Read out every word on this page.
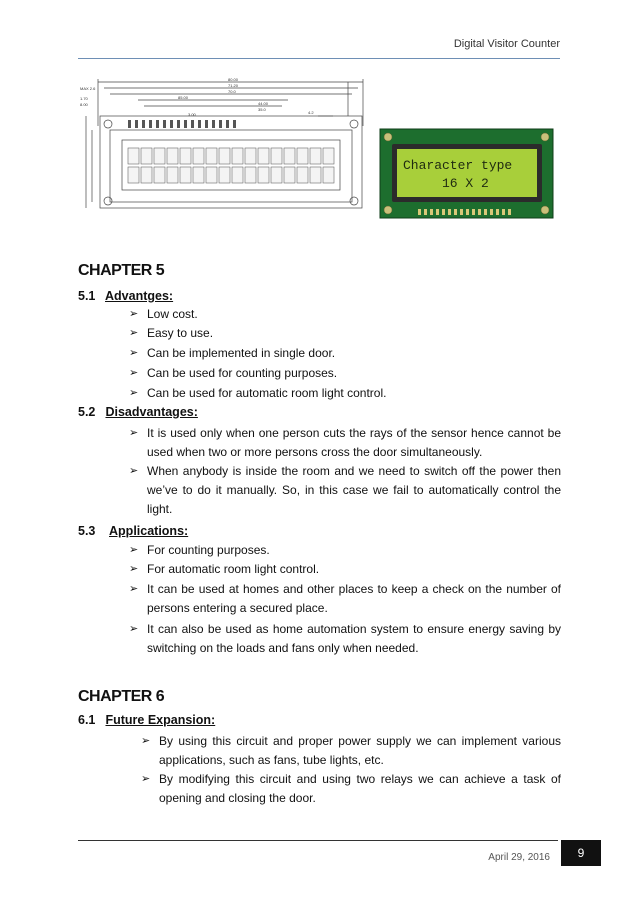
Digital Visitor Counter
80.00
71.20
70.0
MAX 2.6
85.00
44.00
35.0
8.00
4.2
1.70
3.00
Character type
16 X 2
CHAPTER 5
5.1 Advantges:
➢ Low cost.
➢ Easy to use.
➢ Can be implemented in single door.
➢ Can be used for counting purposes.
➢ Can be used for automatic room light control.
5.2 Disadvantages:
➢ It is used only when one person cuts the rays of the sensor hence cannot be used when two or more persons cross the door simultaneously.
➢ When anybody is inside the room and we need to switch off the power then we’ve to do it manually. So, in this case we fail to automatically control the light.
5.3 Applications:
➢ For counting purposes.
➢ For automatic room light control.
➢ It can be used at homes and other places to keep a check on the number of persons entering a secured place.
➢ It can also be used as home automation system to ensure energy saving by switching on the loads and fans only when needed.
CHAPTER 6
6.1 Future Expansion:
➢ By using this circuit and proper power supply we can implement various applications, such as fans, tube lights, etc.
➢ By modifying this circuit and using two relays we can achieve a task of opening and closing the door.
April 29, 2016	9
